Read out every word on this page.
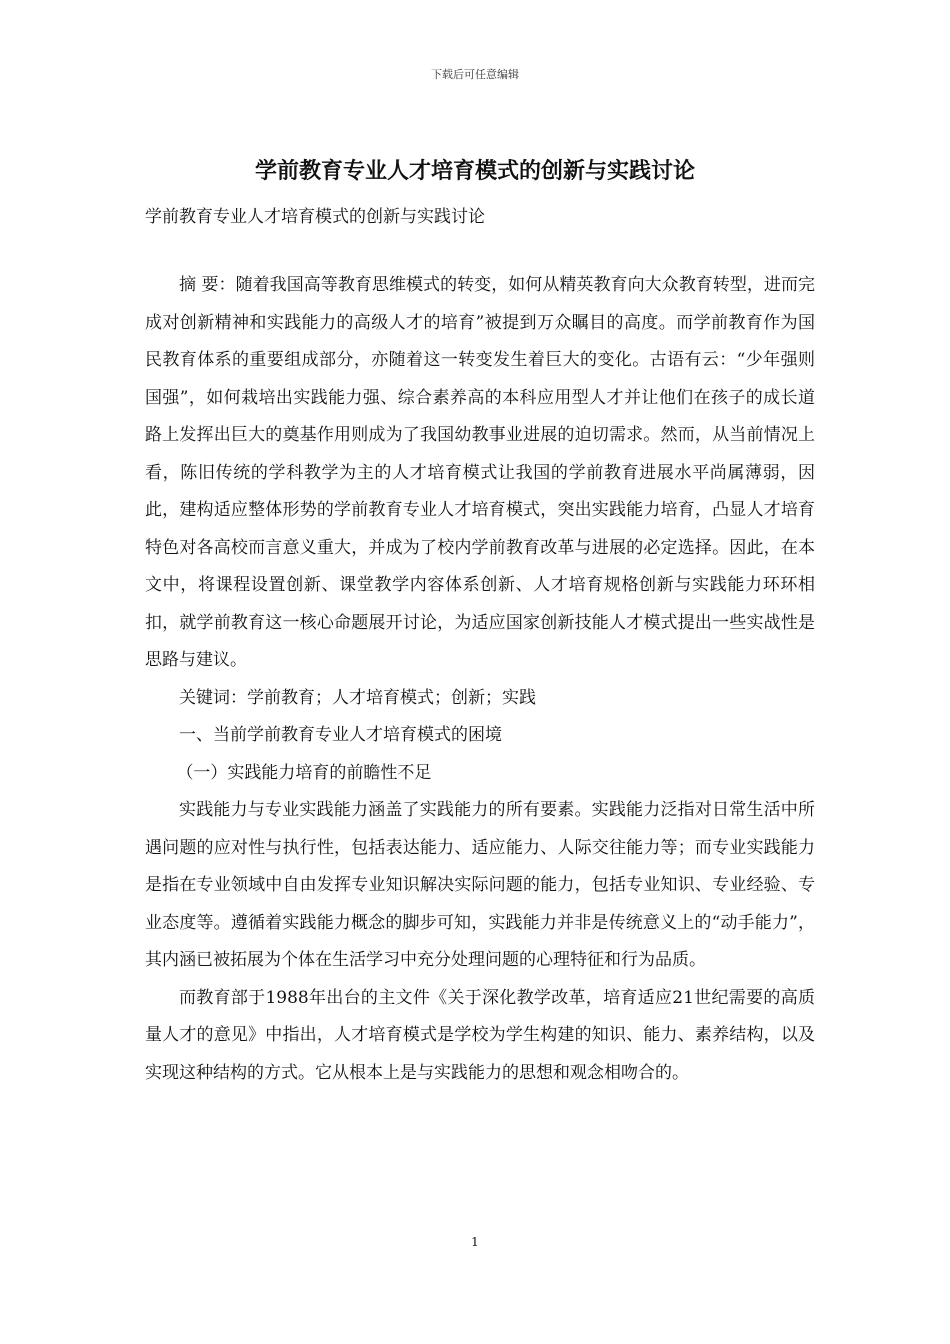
下载后可任意编辑
学前教育专业人才培育模式的创新与实践讨论
学前教育专业人才培育模式的创新与实践讨论

摘 要：随着我国高等教育思维模式的转变，如何从精英教育向大众教育转型，进而完成对创新精神和实践能力的高级人才的培育”被提到万众瞩目的高度。而学前教育作为国民教育体系的重要组成部分，亦随着这一转变发生着巨大的变化。古语有云：“少年强则国强”，如何栽培出实践能力强、综合素养高的本科应用型人才并让他们在孩子的成长道路上发挥出巨大的奠基作用则成为了我国幼教事业进展的迫切需求。然而，从当前情况上看，陈旧传统的学科教学为主的人才培育模式让我国的学前教育进展水平尚属薄弱，因此，建构适应整体形势的学前教育专业人才培育模式，突出实践能力培育，凸显人才培育特色对各高校而言意义重大，并成为了校内学前教育改革与进展的必定选择。因此，在本文中，将课程设置创新、课堂教学内容体系创新、人才培育规格创新与实践能力环环相扣，就学前教育这一核心命题展开讨论，为适应国家创新技能人才模式提出一些实战性是思路与建议。

关键词：学前教育；人才培育模式；创新；实践

一、当前学前教育专业人才培育模式的困境

（一）实践能力培育的前瞻性不足

实践能力与专业实践能力涵盖了实践能力的所有要素。实践能力泛指对日常生活中所遇问题的应对性与执行性，包括表达能力、适应能力、人际交往能力等；而专业实践能力是指在专业领域中自由发挥专业知识解决实际问题的能力，包括专业知识、专业经验、专业态度等。遵循着实践能力概念的脚步可知，实践能力并非是传统意义上的“动手能力”，其内涵已被拓展为个体在生活学习中充分处理问题的心理特征和行为品质。

而教育部于1988年出台的主文件《关于深化教学改革，培育适应21世纪需要的高质量人才的意见》中指出，人才培育模式是学校为学生构建的知识、能力、素养结构，以及实现这种结构的方式。它从根本上是与实践能力的思想和观念相吻合的。

1
